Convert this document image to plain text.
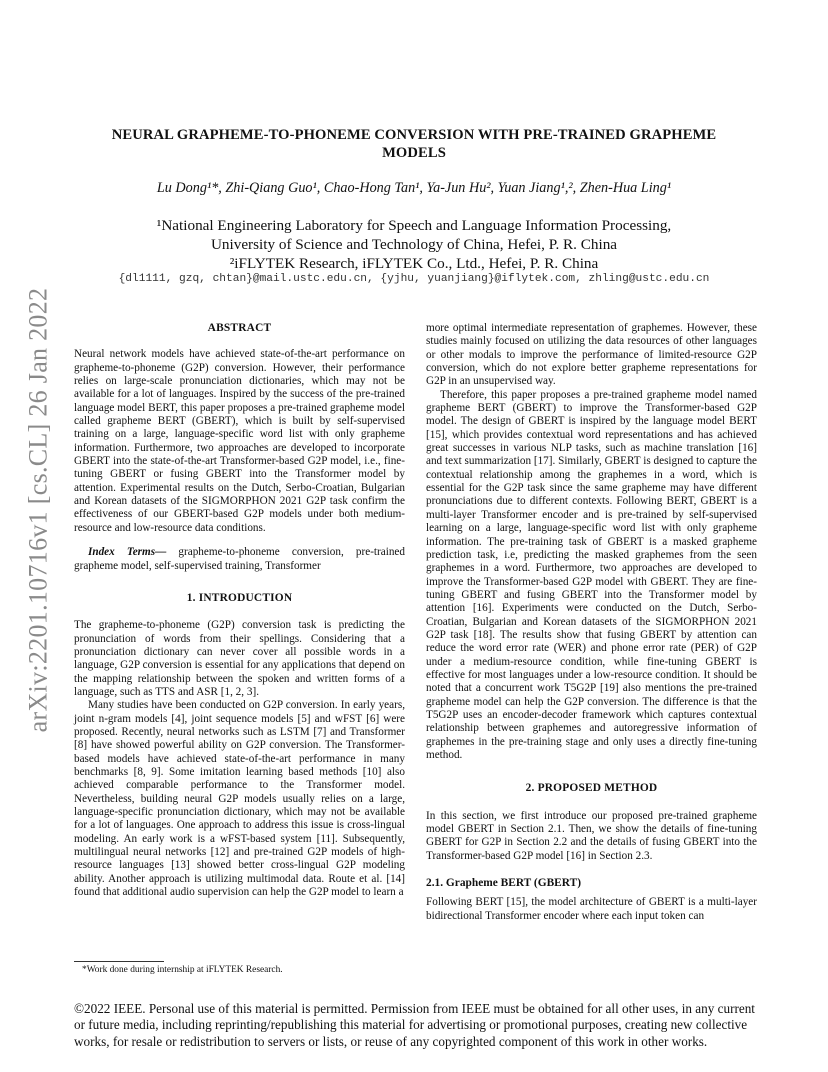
arXiv:2201.10716v1 [cs.CL] 26 Jan 2022
NEURAL GRAPHEME-TO-PHONEME CONVERSION WITH PRE-TRAINED GRAPHEME
MODELS
Lu Dong¹*, Zhi-Qiang Guo¹, Chao-Hong Tan¹, Ya-Jun Hu², Yuan Jiang¹,², Zhen-Hua Ling¹
¹National Engineering Laboratory for Speech and Language Information Processing,
University of Science and Technology of China, Hefei, P. R. China
²iFLYTEK Research, iFLYTEK Co., Ltd., Hefei, P. R. China
{dl1111, gzq, chtan}@mail.ustc.edu.cn, {yjhu, yuanjiang}@iflytek.com, zhling@ustc.edu.cn
ABSTRACT

Neural network models have achieved state-of-the-art performance on grapheme-to-phoneme (G2P) conversion. However, their performance relies on large-scale pronunciation dictionaries, which may not be available for a lot of languages. Inspired by the success of the pre-trained language model BERT, this paper proposes a pre-trained grapheme model called grapheme BERT (GBERT), which is built by self-supervised training on a large, language-specific word list with only grapheme information. Furthermore, two approaches are developed to incorporate GBERT into the state-of-the-art Transformer-based G2P model, i.e., fine-tuning GBERT or fusing GBERT into the Transformer model by attention. Experimental results on the Dutch, Serbo-Croatian, Bulgarian and Korean datasets of the SIGMORPHON 2021 G2P task confirm the effectiveness of our GBERT-based G2P models under both medium-resource and low-resource data conditions.

Index Terms— grapheme-to-phoneme conversion, pre-trained grapheme model, self-supervised training, Transformer

1. INTRODUCTION

The grapheme-to-phoneme (G2P) conversion task is predicting the pronunciation of words from their spellings. Considering that a pronunciation dictionary can never cover all possible words in a language, G2P conversion is essential for any applications that depend on the mapping relationship between the spoken and written forms of a language, such as TTS and ASR [1, 2, 3].

Many studies have been conducted on G2P conversion. In early years, joint n-gram models [4], joint sequence models [5] and wFST [6] were proposed. Recently, neural networks such as LSTM [7] and Transformer [8] have showed powerful ability on G2P conversion. The Transformer-based models have achieved state-of-the-art performance in many benchmarks [8, 9]. Some imitation learning based methods [10] also achieved comparable performance to the Transformer model. Nevertheless, building neural G2P models usually relies on a large, language-specific pronunciation dictionary, which may not be available for a lot of languages. One approach to address this issue is cross-lingual modeling. An early work is a wFST-based system [11]. Subsequently, multilingual neural networks [12] and pre-trained G2P models of high-resource languages [13] showed better cross-lingual G2P modeling ability. Another approach is utilizing multimodal data. Route et al. [14] found that additional audio supervision can help the G2P model to learn a

more optimal intermediate representation of graphemes. However, these studies mainly focused on utilizing the data resources of other languages or other modals to improve the performance of limited-resource G2P conversion, which do not explore better grapheme representations for G2P in an unsupervised way.

Therefore, this paper proposes a pre-trained grapheme model named grapheme BERT (GBERT) to improve the Transformer-based G2P model. The design of GBERT is inspired by the language model BERT [15], which provides contextual word representations and has achieved great successes in various NLP tasks, such as machine translation [16] and text summarization [17]. Similarly, GBERT is designed to capture the contextual relationship among the graphemes in a word, which is essential for the G2P task since the same grapheme may have different pronunciations due to different contexts. Following BERT, GBERT is a multi-layer Transformer encoder and is pre-trained by self-supervised learning on a large, language-specific word list with only grapheme information. The pre-training task of GBERT is a masked grapheme prediction task, i.e, predicting the masked graphemes from the seen graphemes in a word. Furthermore, two approaches are developed to improve the Transformer-based G2P model with GBERT. They are fine-tuning GBERT and fusing GBERT into the Transformer model by attention [16]. Experiments were conducted on the Dutch, Serbo-Croatian, Bulgarian and Korean datasets of the SIGMORPHON 2021 G2P task [18]. The results show that fusing GBERT by attention can reduce the word error rate (WER) and phone error rate (PER) of G2P under a medium-resource condition, while fine-tuning GBERT is effective for most languages under a low-resource condition. It should be noted that a concurrent work T5G2P [19] also mentions the pre-trained grapheme model can help the G2P conversion. The difference is that the T5G2P uses an encoder-decoder framework which captures contextual relationship between graphemes and autoregressive information of graphemes in the pre-training stage and only uses a directly fine-tuning method.

2. PROPOSED METHOD

In this section, we first introduce our proposed pre-trained grapheme model GBERT in Section 2.1. Then, we show the details of fine-tuning GBERT for G2P in Section 2.2 and the details of fusing GBERT into the Transformer-based G2P model [16] in Section 2.3.

2.1. Grapheme BERT (GBERT)

Following BERT [15], the model architecture of GBERT is a multi-layer bidirectional Transformer encoder where each input token can

*Work done during internship at iFLYTEK Research.
©2022 IEEE. Personal use of this material is permitted. Permission from IEEE must be obtained for all other uses, in any current or future media, including reprinting/republishing this material for advertising or promotional purposes, creating new collective works, for resale or redistribution to servers or lists, or reuse of any copyrighted component of this work in other works.
